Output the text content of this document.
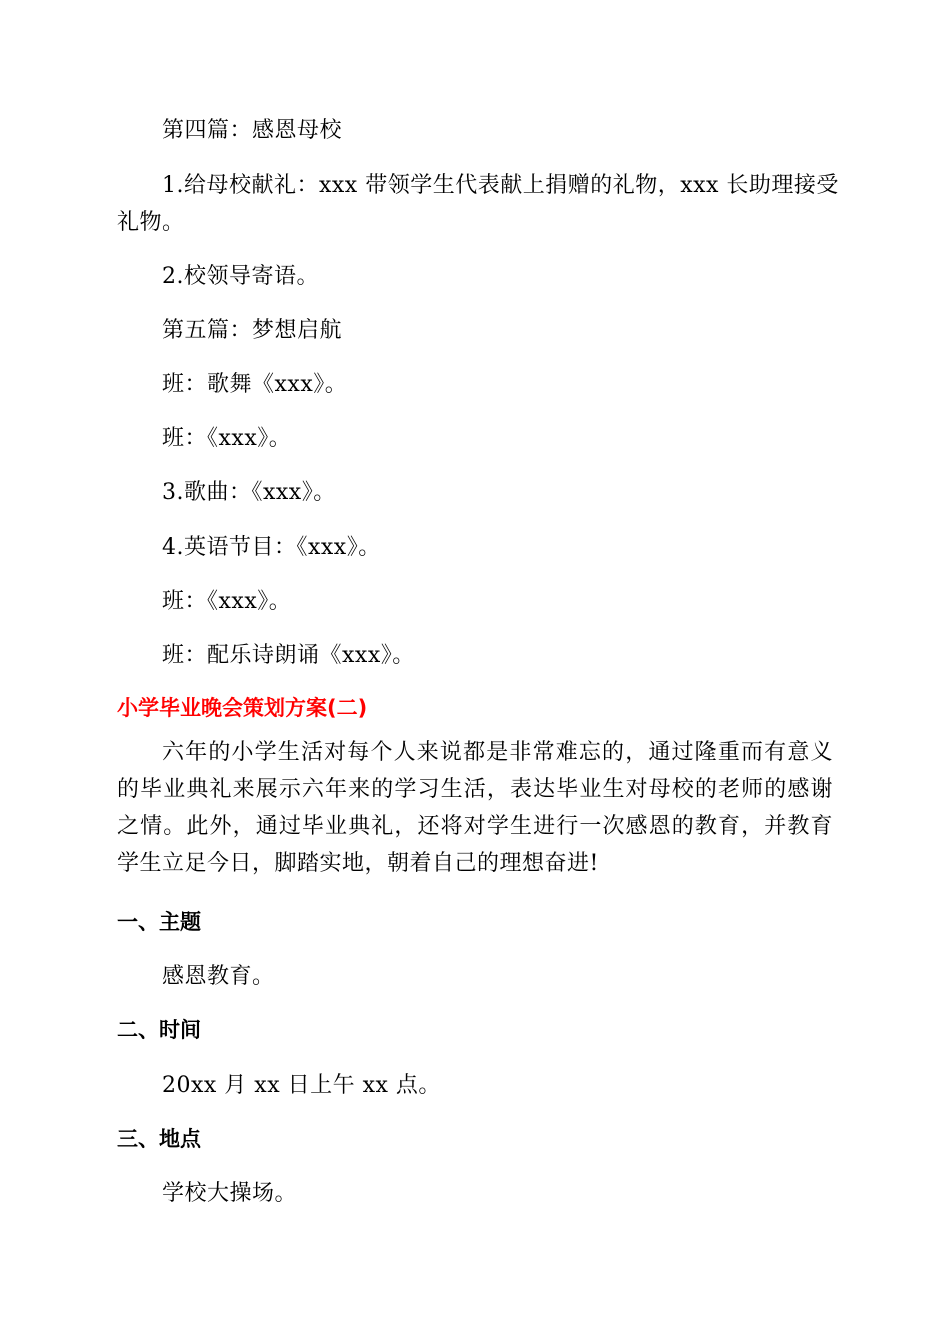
第四篇：感恩母校
1.给母校献礼：xxx 带领学生代表献上捐赠的礼物，xxx 长助理接受
礼物。
2.校领导寄语。
第五篇：梦想启航
班：歌舞《xxx》。
班：《xxx》。
3.歌曲：《xxx》。
4.英语节目：《xxx》。
班：《xxx》。
班：配乐诗朗诵《xxx》。
小学毕业晚会策划方案(二)
六年的小学生活对每个人来说都是非常难忘的，通过隆重而有意义的毕业典礼来展示六年来的学习生活，表达毕业生对母校的老师的感谢之情。此外，通过毕业典礼，还将对学生进行一次感恩的教育，并教育学生立足今日，脚踏实地，朝着自己的理想奋进!
一、主题
感恩教育。
二、时间
20xx 月 xx 日上午 xx 点。
三、地点
学校大操场。
